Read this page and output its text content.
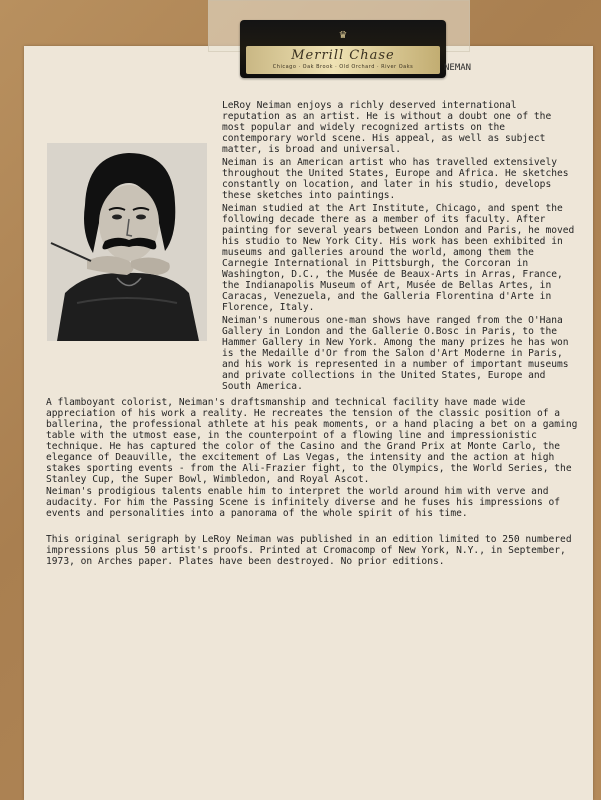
♛
Merrill Chase
Chicago · Oak Brook · Old Orchard · River Oaks	NEMAN

LeRoy Neiman enjoys a richly deserved international reputation as an artist. He is without a doubt one of the most popular and widely recognized artists on the contemporary world scene. His appeal, as well as subject matter, is broad and universal.

Neiman is an American artist who has travelled extensively throughout the United States, Europe and Africa. He sketches constantly on location, and later in his studio, develops these sketches into paintings.

Neiman studied at the Art Institute, Chicago, and spent the following decade there as a member of its faculty. After painting for several years between London and Paris, he moved his studio to New York City. His work has been exhibited in museums and galleries around the world, among them the Carnegie International in Pittsburgh, the Corcoran in Washington, D.C., the Musée de Beaux-Arts in Arras, France, the Indianapolis Museum of Art, Musée de Bellas Artes, in Caracas, Venezuela, and the Galleria Florentina d'Arte in Florence, Italy.

Neiman's numerous one-man shows have ranged from the O'Hana Gallery in London and the Gallerie O.Bosc in Paris, to the Hammer Gallery in New York. Among the many prizes he has won is the Medaille d'Or from the Salon d'Art Moderne in Paris, and his work is represented in a number of important museums and private collections in the United States, Europe and South America.

A flamboyant colorist, Neiman's draftsmanship and technical facility have made wide appreciation of his work a reality. He recreates the tension of the classic position of a ballerina, the professional athlete at his peak moments, or a hand placing a bet on a gaming table with the utmost ease, in the counterpoint of a flowing line and impressionistic technique. He has captured the color of the Casino and the Grand Prix at Monte Carlo, the elegance of Deauville, the excitement of Las Vegas, the intensity and the action at high stakes sporting events - from the Ali-Frazier fight, to the Olympics, the World Series, the Stanley Cup, the Super Bowl, Wimbledon, and Royal Ascot.

Neiman's prodigious talents enable him to interpret the world around him with verve and audacity. For him the Passing Scene is infinitely diverse and he fuses his impressions of events and personalities into a panorama of the whole spirit of his time.

This original serigraph by LeRoy Neiman was published in an edition limited to 250 numbered impressions plus 50 artist's proofs. Printed at Cromacomp of New York, N.Y., in September, 1973, on Arches paper. Plates have been destroyed. No prior editions.
